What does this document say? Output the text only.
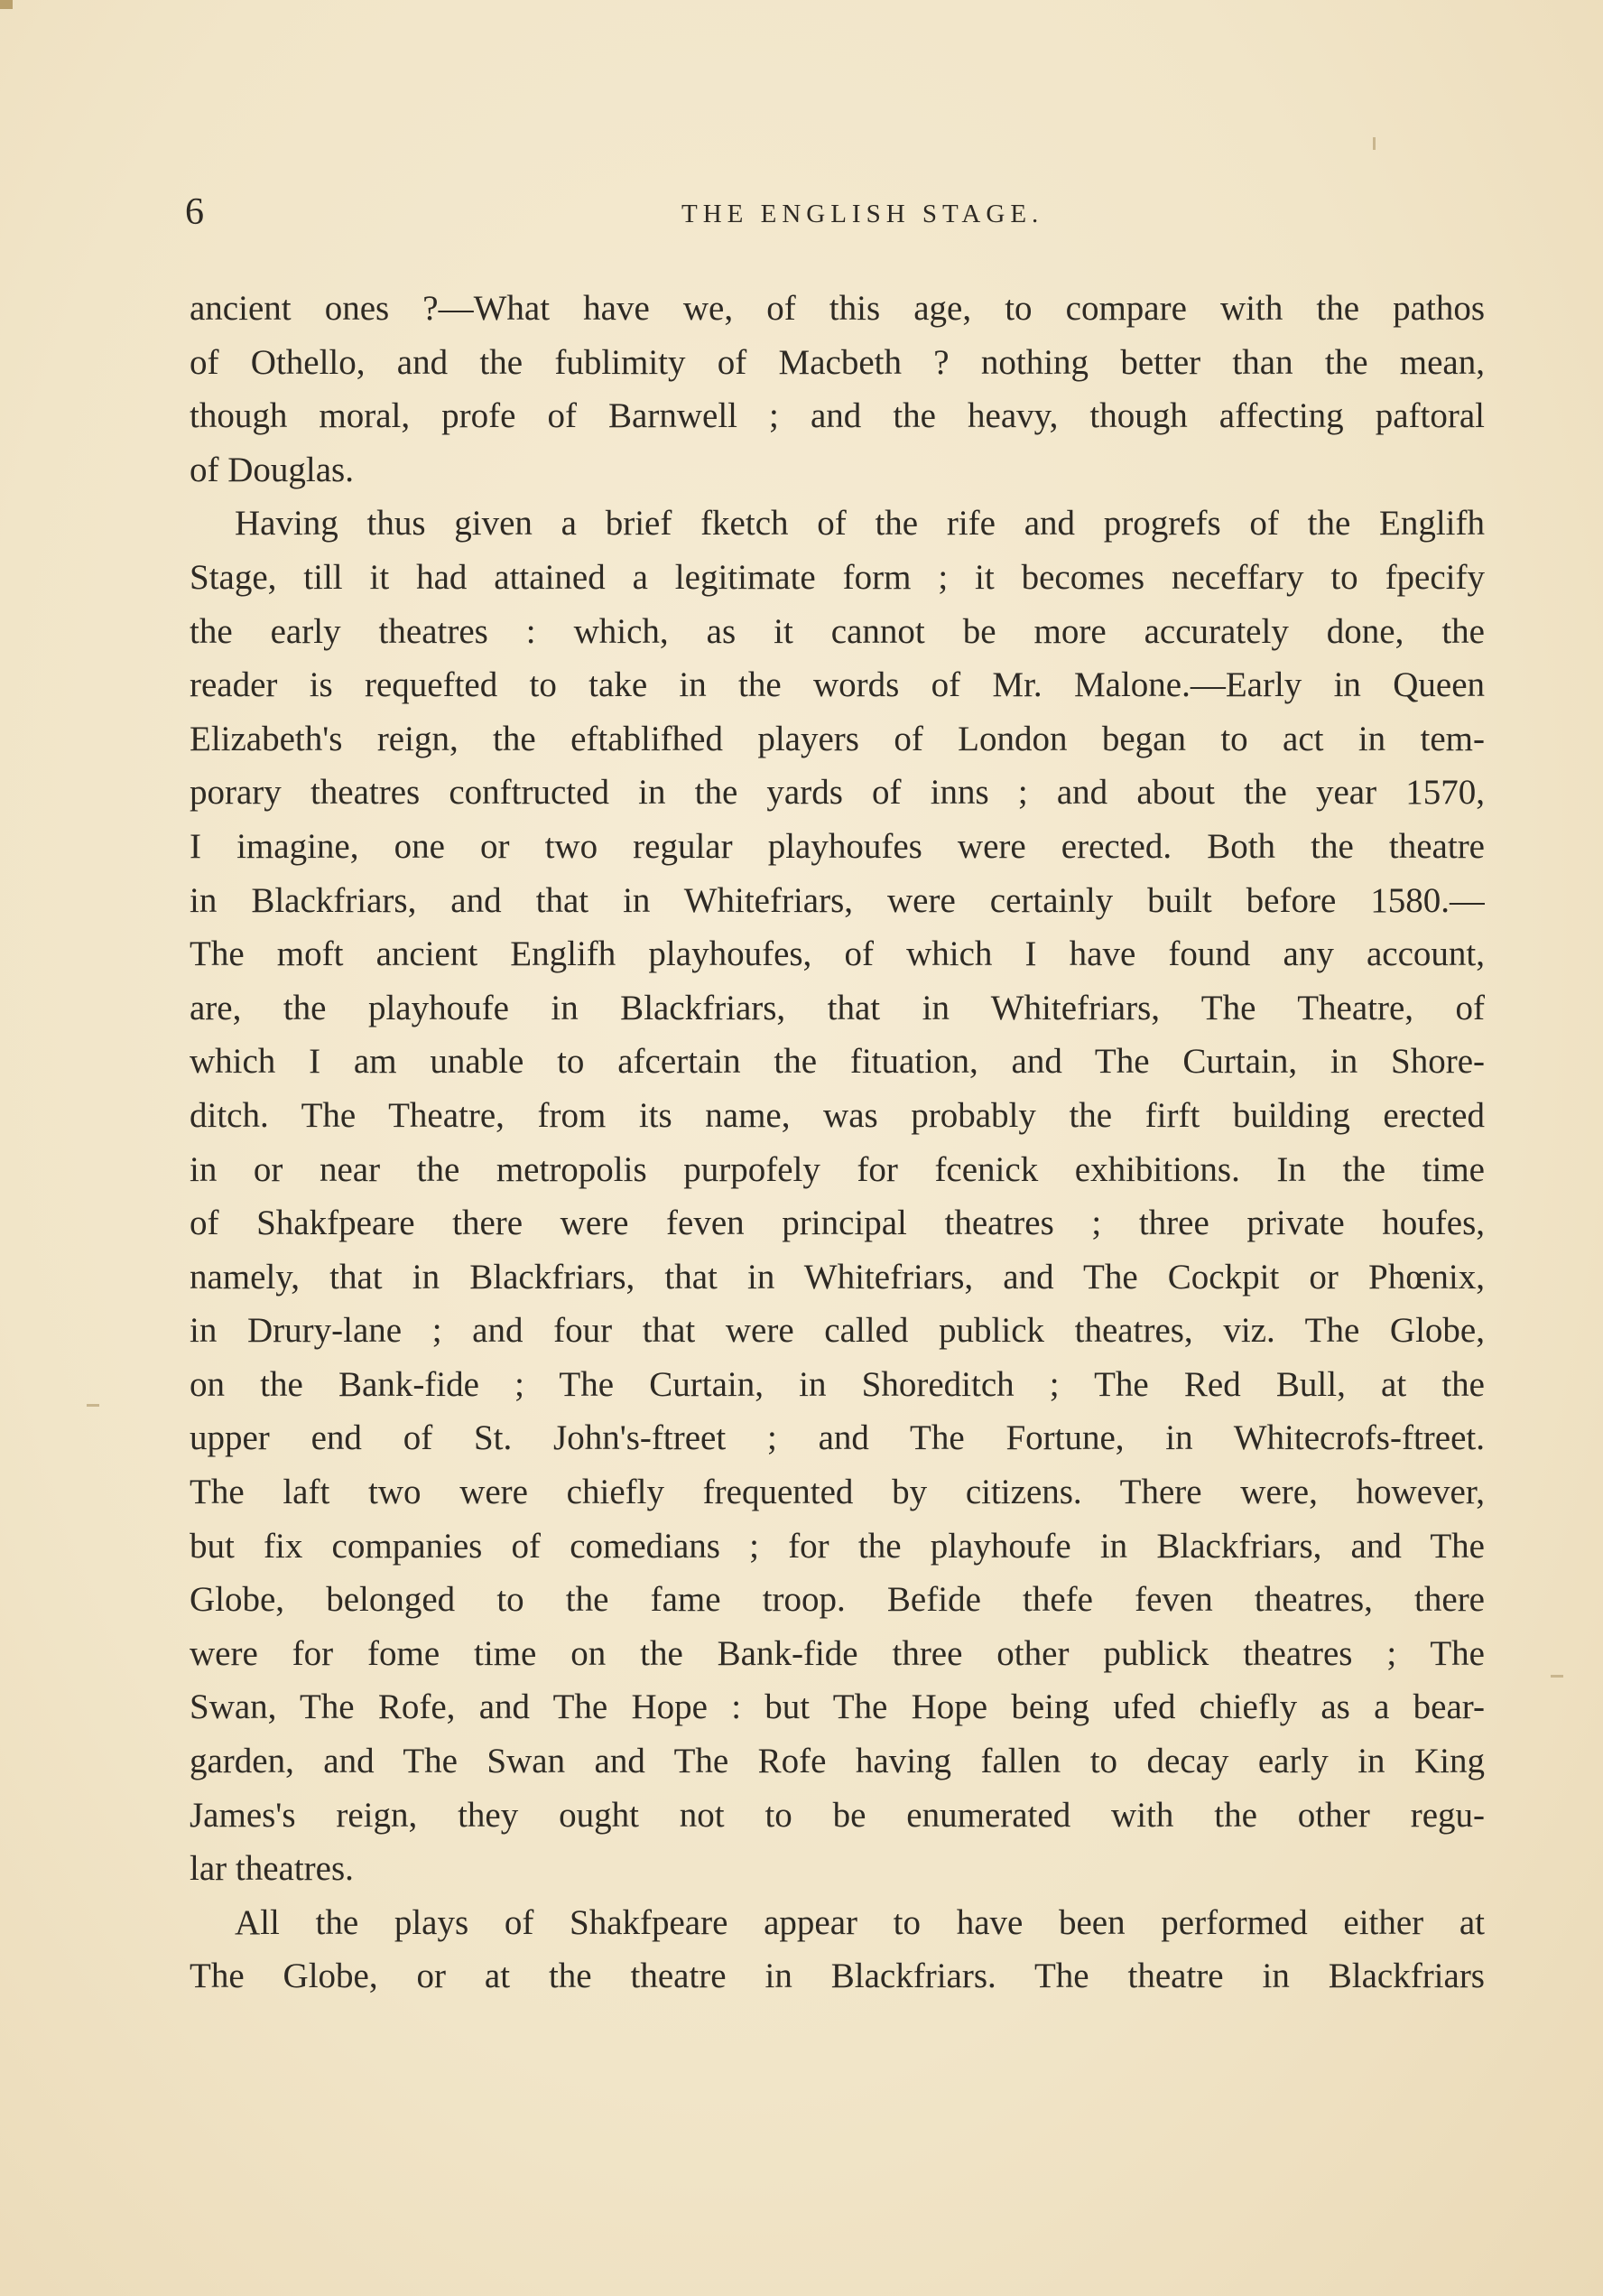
6	THE ENGLISH STAGE.
ancient ones ?—What have we, of this age, to compare with the pathos
of Othello, and the fublimity of Macbeth ? nothing better than the mean,
though moral, profe of Barnwell ; and the heavy, though affecting paftoral
of Douglas.
Having thus given a brief fketch of the rife and progrefs of the Englifh
Stage, till it had attained a legitimate form ; it becomes neceffary to fpecify
the early theatres : which, as it cannot be more accurately done, the
reader is requefted to take in the words of Mr. Malone.—Early in Queen
Elizabeth's reign, the eftablifhed players of London began to act in tem-
porary theatres conftructed in the yards of inns ; and about the year 1570,
I imagine, one or two regular playhoufes were erected. Both the theatre
in Blackfriars, and that in Whitefriars, were certainly built before 1580.—
The moft ancient Englifh playhoufes, of which I have found any account,
are, the playhoufe in Blackfriars, that in Whitefriars, The Theatre, of
which I am unable to afcertain the fituation, and The Curtain, in Shore-
ditch. The Theatre, from its name, was probably the firft building erected
in or near the metropolis purpofely for fcenick exhibitions. In the time
of Shakfpeare there were feven principal theatres ; three private houfes,
namely, that in Blackfriars, that in Whitefriars, and The Cockpit or Phœnix,
in Drury-lane ; and four that were called publick theatres, viz. The Globe,
on the Bank-fide ; The Curtain, in Shoreditch ; The Red Bull, at the
upper end of St. John's-ftreet ; and The Fortune, in Whitecrofs-ftreet.
The laft two were chiefly frequented by citizens. There were, however,
but fix companies of comedians ; for the playhoufe in Blackfriars, and The
Globe, belonged to the fame troop. Befide thefe feven theatres, there
were for fome time on the Bank-fide three other publick theatres ; The
Swan, The Rofe, and The Hope : but The Hope being ufed chiefly as a bear-
garden, and The Swan and The Rofe having fallen to decay early in King
James's reign, they ought not to be enumerated with the other regu-
lar theatres.
All the plays of Shakfpeare appear to have been performed either at
The Globe, or at the theatre in Blackfriars. The theatre in Blackfriars
